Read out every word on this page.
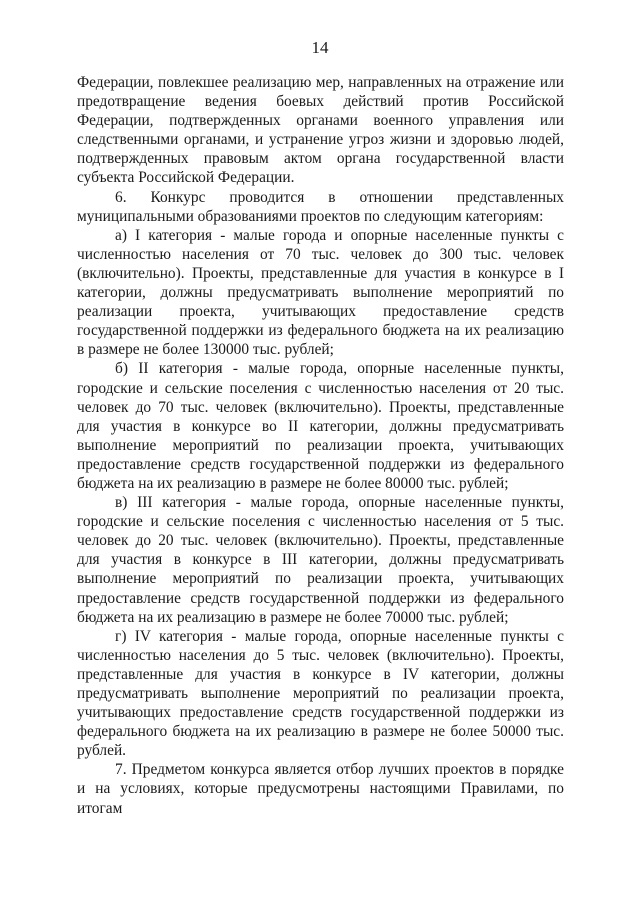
14

Федерации, повлекшее реализацию мер, направленных на отражение или предотвращение ведения боевых действий против Российской Федерации, подтвержденных органами военного управления или следственными органами, и устранение угроз жизни и здоровью людей, подтвержденных правовым актом органа государственной власти субъекта Российской Федерации.

6. Конкурс проводится в отношении представленных муниципальными образованиями проектов по следующим категориям:

а) I категория - малые города и опорные населенные пункты с численностью населения от 70 тыс. человек до 300 тыс. человек (включительно). Проекты, представленные для участия в конкурсе в I категории, должны предусматривать выполнение мероприятий по реализации проекта, учитывающих предоставление средств государственной поддержки из федерального бюджета на их реализацию в размере не более 130000 тыс. рублей;

б) II категория - малые города, опорные населенные пункты, городские и сельские поселения с численностью населения от 20 тыс. человек до 70 тыс. человек (включительно). Проекты, представленные для участия в конкурсе во II категории, должны предусматривать выполнение мероприятий по реализации проекта, учитывающих предоставление средств государственной поддержки из федерального бюджета на их реализацию в размере не более 80000 тыс. рублей;

в) III категория - малые города, опорные населенные пункты, городские и сельские поселения с численностью населения от 5 тыс. человек до 20 тыс. человек (включительно). Проекты, представленные для участия в конкурсе в III категории, должны предусматривать выполнение мероприятий по реализации проекта, учитывающих предоставление средств государственной поддержки из федерального бюджета на их реализацию в размере не более 70000 тыс. рублей;

г) IV категория - малые города, опорные населенные пункты с численностью населения до 5 тыс. человек (включительно). Проекты, представленные для участия в конкурсе в IV категории, должны предусматривать выполнение мероприятий по реализации проекта, учитывающих предоставление средств государственной поддержки из федерального бюджета на их реализацию в размере не более 50000 тыс. рублей.

7. Предметом конкурса является отбор лучших проектов в порядке и на условиях, которые предусмотрены настоящими Правилами, по итогам
